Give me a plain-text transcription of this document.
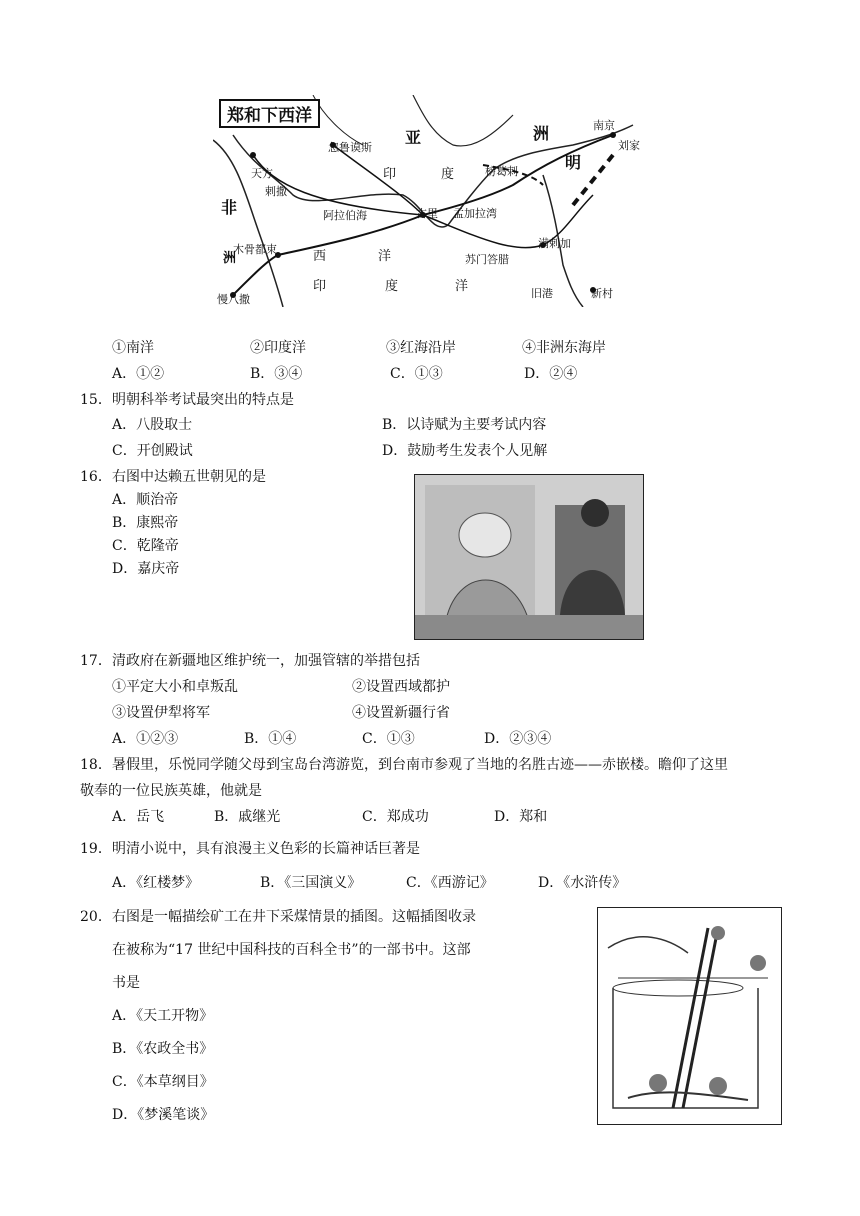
郑和下西洋
天方
忽鲁谟斯
亚	洲	南京
刘家
明
印	度	榜葛剌
非
剌撒
阿拉伯海	古里 孟加拉湾
木骨都束
洲	西	洋
满剌加
苏门答腊
慢八撒
印	度	洋	旧港	新村
①南洋	②印度洋	③红海沿岸	④非洲东海岸
A．①②	B．③④	C．①③	D．②④
15． 明朝科举考试最突出的特点是
A．八股取士	B．以诗赋为主要考试内容
C．开创殿试	D．鼓励考生发表个人见解
16． 右图中达赖五世朝见的是
A．顺治帝
B．康熙帝
C．乾隆帝
D．嘉庆帝
17． 清政府在新疆地区维护统一，加强管辖的举措包括
①平定大小和卓叛乱	②设置西域都护
③设置伊犁将军	④设置新疆行省
A．①②③	B．①④	C．①③	D．②③④
18． 暑假里，乐悦同学随父母到宝岛台湾游览，到台南市参观了当地的名胜古迹——赤嵌楼。瞻仰了这里
敬奉的一位民族英雄，他就是
A．岳飞	B．戚继光	C．郑成功	D．郑和
19． 明清小说中，具有浪漫主义色彩的长篇神话巨著是
A．《红楼梦》	B．《三国演义》	C．《西游记》	D．《水浒传》
20． 右图是一幅描绘矿工在井下采煤情景的插图。这幅插图收录
在被称为“17 世纪中国科技的百科全书”的一部书中。这部
书是
A．《天工开物》
B．《农政全书》
C．《本草纲目》
D．《梦溪笔谈》
